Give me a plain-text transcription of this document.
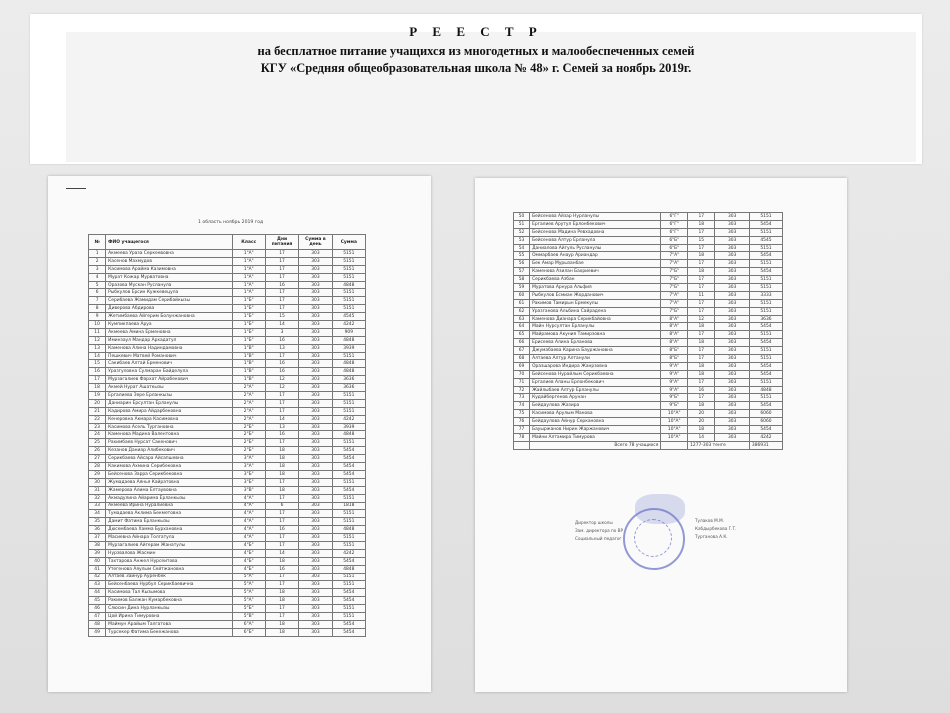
Р Е Е С Т Р
на бесплатное питание учащихся из многодетных и малообеспеченных семей
КГУ «Средняя общеобразовательная школа № 48» г. Семей за ноябрь 2019г.
1 область ноябрь 2019 год
№	ФИО учащегося	Класс	Дни питания	Сумма в день	Сумма
1	Акмеева Ураза Серкеевовна	1"А"	17	303	5151
2	Касенов Махмудов	1"А"	17	303	5151
3	Касимова Арайма Казимовна	1"А"	17	303	5151
4	Мурат Кожар Мурватовна	1"А"	17	303	5151
5	Оразова Мускан Русланула	1"А"	16	303	4848
6	Рыбкулов Ерсин Кужкевецула	1"А"	17	303	5151
7	Серибаева Жамидам Серибайкызы	1"Б"	17	303	5151
8	Диверова Абдирова	1"Б"	17	303	5151
9	Жетимбаева Айгерим Болунжановна	1"Б"	15	303	4545
10	Кумпикпаева Аруа	1"Б"	14	303	4242
11	Акмеева Амина Ерменовна	1"Б"	3	303	909
12	Иминзаул Мандар Архадатул	1"Б"	16	303	4848
13	Каменова Алина Надиндамовна	1"В"	13	303	3939
14	Пешкевич Матвей Романович	1"В"	17	303	5151
15	Сакибаев Алтай Ерменович	1"В"	16	303	4848
16	Уразгуловна Сулмаран Байделула	1"В"	16	303	4848
17	Мурзагалиев Фархат Айрабекович	1"В"	12	303	3636
18	Акмей Нурат Ашаткызы	2"А"	12	303	3636
19	Ергалиева Зере Ерланкызы	2"А"	17	303	5151
20	Даниарин Ерсултан Ерланулы	2"А"	17	303	5151
21	Кадирова Амира Айдарбековна	2"А"	17	303	5151
22	Кенеровна Акмара Касимовна	2"А"	14	303	4242
23	Касимова Асель Тургановна	2"Б"	13	303	3939
24	Каменова Мадина Валентовна	2"Б"	16	303	4848
25	Рахимбаев Нурсат Сакенович	2"Б"	17	303	5151
26	Кезанов Даниар Алибекович	2"Б"	18	303	5454
27	Серикбаева Айсара Айсапшевна	3"А"	18	303	5454
28	Какимова Ахмина Серибековна	3"А"	18	303	5454
29	Бейсенова Зарра Серикбековна	3"Б"	18	303	5454
30	Жумадаева Аянья Кайратовна	3"Б"	17	303	5151
31	Жамерова Алима Елтаувовна	3"В"	18	303	5454
32	Акмадулина Айарима Ерланкызы	4"А"	17	303	5151
33	Акмеева Ирина Нуралиевна	4"А"	6	303	1818
34	Тумадаева Аклима Бекметовна	4"А"	17	303	5151
35	Дамит Фатима Ерланкызы	4"А"	17	303	5151
36	Дюсембаева Хамма Бурхановна	4"А"	16	303	4848
37	Масиевна Айнара Толгатула	4"А"	17	303	5151
38	Мурзагалиев Айгерам Жанатулы	4"Б"	17	303	5151
39	Нурзвалова Жасмин	4"Б"	14	303	4242
40	Тахтарова Анжел Нурсеитова	4"Б"	18	303	5454
41	Утегенова Аяулым Сейтжановна	4"Б"	16	303	4848
42	Алтаев Заинур Ауренбек	5"А"	17	303	5151
43	Бейсенбаева Нурбул Серикбаевична	5"А"	17	303	5151
44	Касимова Тал Кызымова	5"А"	18	303	5454
45	Ракимов Балжан Кумарбековна	5"А"	18	303	5454
46	Слюсин Дина Нурланкызы	5"Б"	17	303	5151
47	Цой Ирина Тимуровна	5"В"	17	303	5151
48	Маймун Арайым Талгатова	6"А"	18	303	5454
49	Турсекер Фатима Бекежанова	6"Б"	18	303	5454
50	Бейсенова Айзар Нурланулы	6"Г"	17	303	5151
51	Ергалиев Арутул Ерлонбекович	6"Г"	18	303	5454
52	Бейсенова Мадина Ревхадовна	6"Г"	17	303	5151
53	Бейсенова Алтур Ерланула	6"Б"	15	303	4545
54	Даниалова Айгуль Русланулы	6"Б"	17	303	5151
55	Оммарбаев Анаур Ариандар	7"А"	18	303	5454
56	Бек Амар Мурызанбае	7"А"	17	303	5151
57	Каменова Азилан Бахриевич	7"Б"	18	303	5454
58	Серикбаева Азбан	7"Б"	17	303	5151
59	Муратова Арнура Альфия	7"Б"	17	303	5151
60	Рыбкулов Есмиан Жорданович	7"А"	11	303	3333
61	Ракимов Тамирын Ермекулы	7"А"	17	303	5151
62	Уразганова Альбина Сайрадена	7"Б"	17	303	5151
63	Каменова Дианара Серикбайовна	8"А"	12	303	3636
64	Майн Нурсултан Ерланулы	8"А"	18	303	5454
65	Майрамова Акуния Тамирзовна	8"А"	17	303	5151
66	Ерисеева Алина Ерланова	8"А"	18	303	5454
67	Джумабаева Карина Бауржановна	8"Б"	17	303	5151
68	Алтаева Алтур Алтанули	8"Б"	17	303	5151
69	Оразшарова Индира Жанрзовна	9"А"	18	303	5454
70	Бейсенова Нурайлым Серикбаевна	9"А"	18	303	5454
71	Ергалиев Аланы Ерлонбекович	9"А"	17	303	5151
72	Жайлыбаев Алтур Ерланулы	9"А"	16	303	4848
73	Кудайбергенов Арунан	9"Б"	17	303	5151
74	Бейдаулова Жазира	9"Б"	18	303	5454
75	Касимова Арулым Манова	10"А"	20	303	6060
76	Бейдаулова Айнур Серкановна	10"А"	20	303	6060
77	Бауыржанов Нирин Жаржанович	10"А"	18	303	5454
78	Майни Алтамира Тимурова	10"А"	14	303	4242
	Всего 78 учащихся		1277-303 тенге		386931
Директор школы
Зам. директора по ВР
Социальный педагог
Тулаков М.М.
Кабдырбекова Г.Т.
Турганова А.К.
